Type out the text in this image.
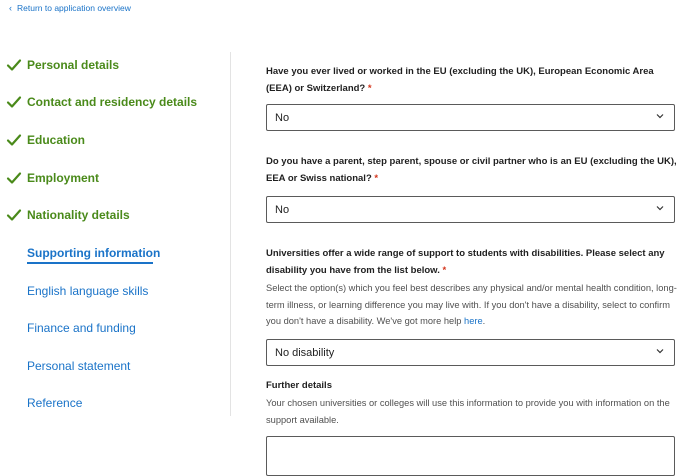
‹ Return to application overview
Personal details
Contact and residency details
Education
Employment
Nationality details
Supporting information
English language skills
Finance and funding
Personal statement
Reference
Have you ever lived or worked in the EU (excluding the UK), European Economic Area (EEA) or Switzerland? *
No
Do you have a parent, step parent, spouse or civil partner who is an EU (excluding the UK), EEA or Swiss national? *
No
Universities offer a wide range of support to students with disabilities. Please select any disability you have from the list below. *
Select the option(s) which you feel best describes any physical and/or mental health condition, long-term illness, or learning difference you may live with. If you don't have a disability, select to confirm you don't have a disability. We've got more help here.
No disability
Further details
Your chosen universities or colleges will use this information to provide you with information on the support available.
